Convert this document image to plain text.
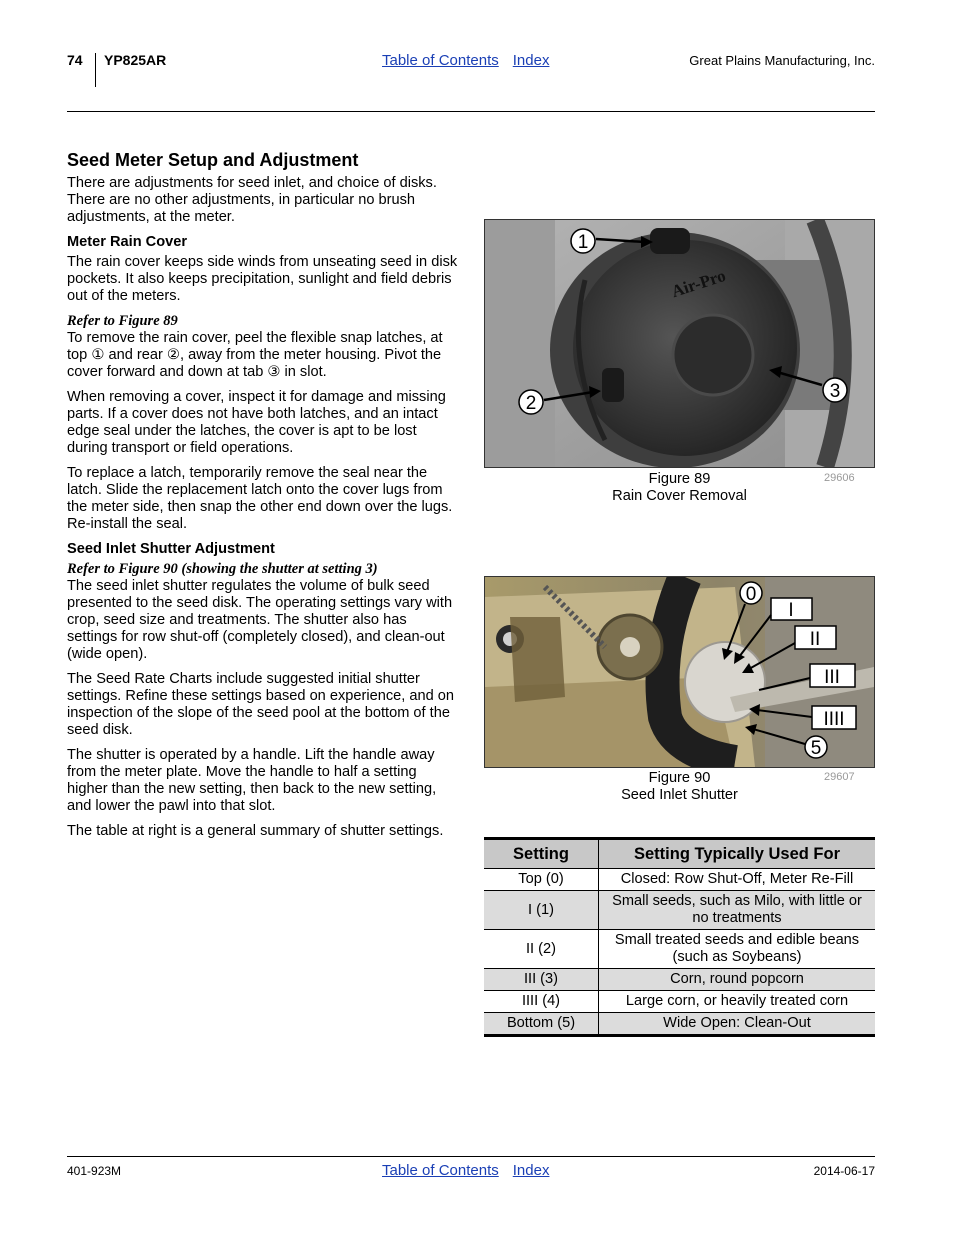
74 YP825AR	Table of Contents Index	Great Plains Manufacturing, Inc.
Seed Meter Setup and Adjustment

There are adjustments for seed inlet, and choice of disks. There are no other adjustments, in particular no brush adjustments, at the meter.

Meter Rain Cover

The rain cover keeps side winds from unseating seed in disk pockets. It also keeps precipitation, sunlight and field debris out of the meters.

Refer to Figure 89

To remove the rain cover, peel the flexible snap latches, at top ① and rear ②, away from the meter housing. Pivot the cover forward and down at tab ③ in slot.

When removing a cover, inspect it for damage and missing parts. If a cover does not have both latches, and an intact edge seal under the latches, the cover is apt to be lost during transport or field operations.

To replace a latch, temporarily remove the seal near the latch. Slide the replacement latch onto the cover lugs from the meter side, then snap the other end down over the lugs. Re-install the seal.

Seed Inlet Shutter Adjustment

Refer to Figure 90 (showing the shutter at setting 3)

The seed inlet shutter regulates the volume of bulk seed presented to the seed disk. The operating settings vary with crop, seed size and treatments. The shutter also has settings for row shut-off (completely closed), and clean-out (wide open).

The Seed Rate Charts include suggested initial shutter settings. Refine these settings based on experience, and on inspection of the slope of the seed pool at the bottom of the seed disk.

The shutter is operated by a handle. Lift the handle away from the meter plate. Move the handle to half a setting higher than the new setting, then back to the new setting, and lower the pawl into that slot.

The table at right is a general summary of shutter settings.

1
2
3
Air-Pro
Figure 89
Rain Cover Removal
29606
0
I
II
III
IIII
5
Figure 90
Seed Inlet Shutter
29607
Setting	Setting Typically Used For
Top (0)	Closed: Row Shut-Off, Meter Re-Fill
I (1)	Small seeds, such as Milo, with little or no treatments
II (2)	Small treated seeds and edible beans (such as Soybeans)
III (3)	Corn, round popcorn
IIII (4)	Large corn, or heavily treated corn
Bottom (5)	Wide Open: Clean-Out
401-923M	Table of Contents Index	2014-06-17
